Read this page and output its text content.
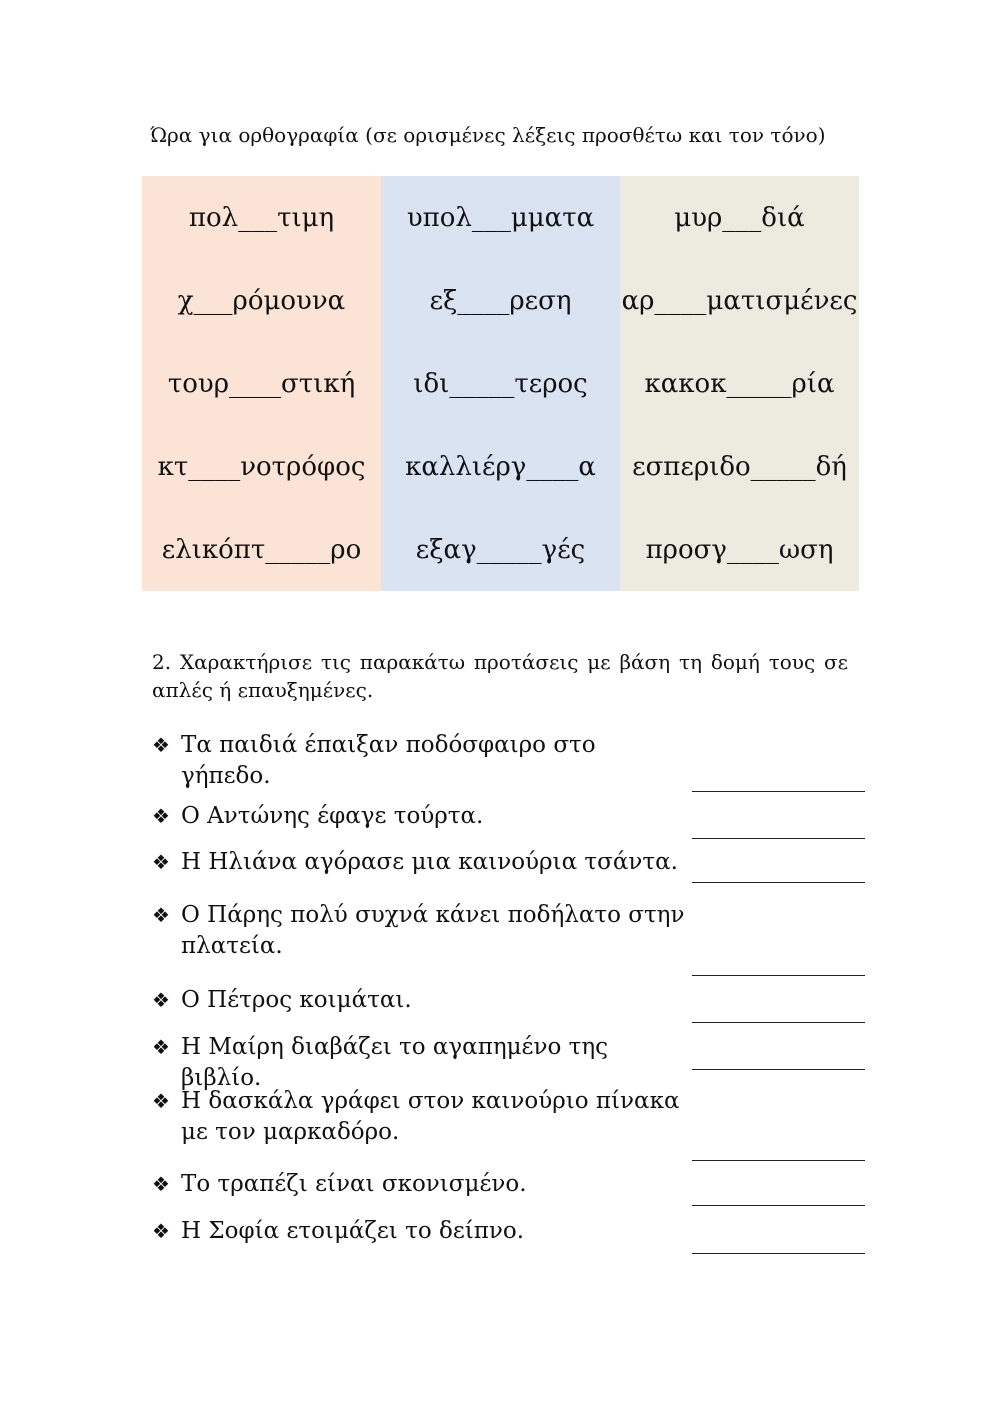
Ώρα για ορθογραφία (σε ορισμένες λέξεις προσθέτω και τον τόνο)
πολ___τιμη
χ___ρόμουνα
τουρ____στική
κτ____νοτρόφος
ελικόπτ_____ρο
υπολ___μματα
εξ____ρεση
ιδι_____τερος
καλλιέργ____α
εξαγ_____γές
μυρ___διά
αρ____ματισμένες
κακοκ_____ρία
εσπεριδο_____δή
προσγ____ωση
2. Χαρακτήρισε τις παρακάτω προτάσεις με βάση τη δομή τους σε απλές ή επαυξημένες.
❖ Τα παιδιά έπαιξαν ποδόσφαιρο στο γήπεδο.
❖ Ο Αντώνης έφαγε τούρτα.
❖ Η Ηλιάνα αγόρασε μια καινούρια τσάντα.
❖ Ο Πάρης πολύ συχνά κάνει ποδήλατο στην πλατεία.
❖ Ο Πέτρος κοιμάται.
❖ Η Μαίρη διαβάζει το αγαπημένο της βιβλίο.
❖ Η δασκάλα γράφει στον καινούριο πίνακα με τον μαρκαδόρο.
❖ Το τραπέζι είναι σκονισμένο.
❖ Η Σοφία ετοιμάζει το δείπνο.
